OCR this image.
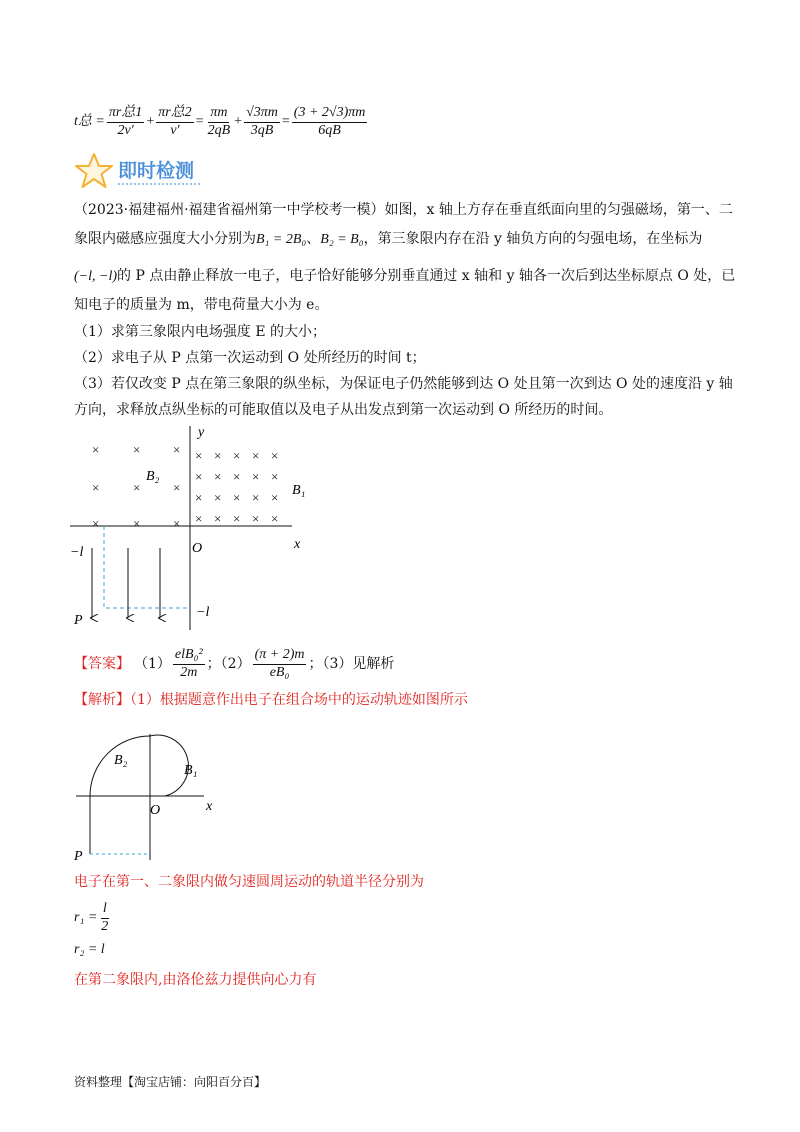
t总 = $\frac{\text{πr总1}}{2v'} + \frac{\text{πr总2}}{v'} = \frac{\pi m}{2qB} + \frac{√3\pi m}{3qB} = \frac{(3 + 2√3)\pi m}{6qB}$
即时检测
（2023·福建福州·福建省福州第一中学校考一模）如图，x 轴上方存在垂直纸面向里的匀强磁场，第一、二
象限内磁感应强度大小分别为B₁ = 2B₀、B₂ = B₀，第三象限内存在沿 y 轴负方向的匀强电场，在坐标为
(−l, −l)的 P 点由静止释放一电子，电子恰好能够分别垂直通过 x 轴和 y 轴各一次后到达坐标原点 O 处，已
知电子的质量为 m，带电荷量大小为 e。
（1）求第三象限内电场强度 E 的大小；
（2）求电子从 P 点第一次运动到 O 处所经历的时间 t；
（3）若仅改变 P 点在第三象限的纵坐标，为保证电子仍然能够到达 O 处且第一次到达 O 处的速度沿 y 轴
方向，求释放点纵坐标的可能取值以及电子从出发点到第一次运动到 O 所经历的时间。
y
x
O
×	×	×
×	×	×
×	×	×
× × × × ×
× × × × ×
× × × × ×
× × × × ×
B₂
B₁
−l
−l
P
【答案】 $(1) \frac{\text{elB₀²}}{2m}$ ；$(2) \frac{(\pi + 2)m}{\text{eB₀}}$ ；（3）见解析
【解析】（1）根据题意作出电子在组合场中的运动轨迹如图所示
B₂
B₁
O	x
P
电子在第一、二象限内做匀速圆周运动的轨道半径分别为
$r_1 = \frac{l}{2}$
r₂ = l
在第二象限内,由洛伦兹力提供向心力有
资料整理【淘宝店铺：向阳百分百】
